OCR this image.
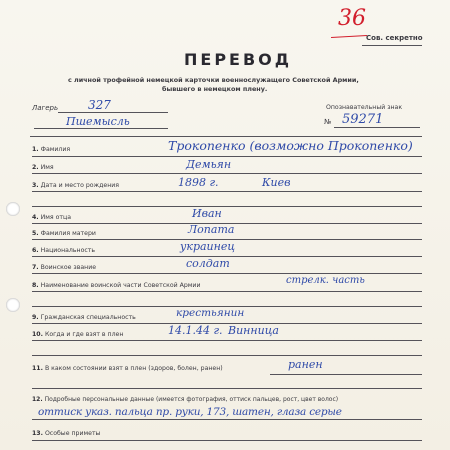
36
Сов. секретно
ПЕРЕВОД
с личной трофейной немецкой карточки военнослужащего Советской Армии,
бывшего в немецком плену.
Лагерь 327
Пшемысль
Опознавательный знак
№ 59271
1. Фамилия	Трокопенко (возможно Прокопенко)
2. Имя	Демьян
3. Дата и место рождения	1898 г.	Киев
4. Имя отца	Иван
5. Фамилия матери	Лопата
6. Национальность	украинец
7. Воинское звание	солдат
8. Наименование воинской части Советской Армии	стрелк. часть
9. Гражданская специальность	крестьянин
10. Когда и где взят в плен	14.1.44 г. Винница
11. В каком состоянии взят в плен (здоров, болен, ранен)	ранен
12. Подробные персональные данные (имеется фотография, оттиск пальцев, рост, цвет волос)
оттиск указ. пальца пр. руки, 173, шатен, глаза серые
13. Особые приметы
